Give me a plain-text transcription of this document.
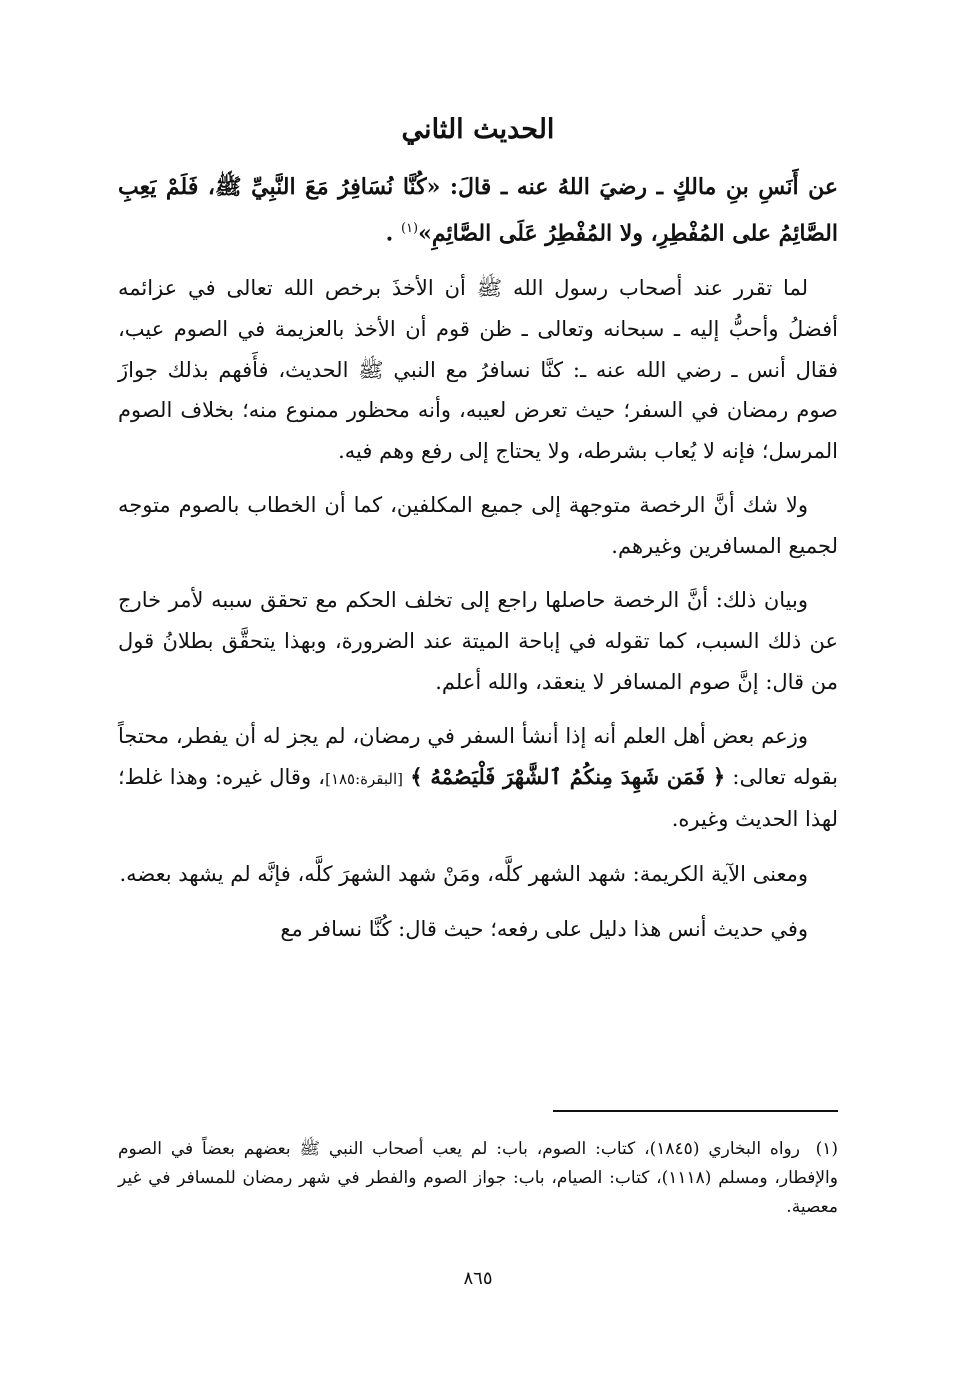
الحديث الثاني

عن أَنَسِ بنِ مالكٍ ـ رضيَ اللهُ عنه ـ قالَ: «كُنَّا نُسَافِرُ مَعَ النَّبِيِّ ﷺ، فَلَمْ يَعِبِ الصَّائِمُ على المُفْطِرِ، ولا المُفْطِرُ عَلَى الصَّائِمِ»$^{(١)}$ .

لما تقرر عند أصحاب رسول الله ﷺ أن الأخذَ برخص الله تعالى في عزائمه أفضلُ وأحبُّ إليه ـ سبحانه وتعالى ـ ظن قوم أن الأخذ بالعزيمة في الصوم عيب، فقال أنس ـ رضي الله عنه ـ: كنَّا نسافرُ مع النبي ﷺ الحديث، فأَفهم بذلك جوازَ صوم رمضان في السفر؛ حيث تعرض لعيبه، وأنه محظور ممنوع منه؛ بخلاف الصوم المرسل؛ فإنه لا يُعاب بشرطه، ولا يحتاج إلى رفع وهم فيه.

ولا شك أنَّ الرخصة متوجهة إلى جميع المكلفين، كما أن الخطاب بالصوم متوجه لجميع المسافرين وغيرهم.

وبيان ذلك: أنَّ الرخصة حاصلها راجع إلى تخلف الحكم مع تحقق سببه لأمر خارج عن ذلك السبب، كما تقوله في إباحة الميتة عند الضرورة، وبهذا يتحقَّق بطلانُ قول من قال: إنَّ صوم المسافر لا ينعقد، والله أعلم.

وزعم بعض أهل العلم أنه إذا أنشأ السفر في رمضان، لم يجز له أن يفطر، محتجاً بقوله تعالى: ﴿ فَمَن شَهِدَ مِنكُمُ ٱلشَّهْرَ فَلْيَصُمْهُ ﴾ [البقرة:١٨٥]، وقال غيره: وهذا غلط؛ لهذا الحديث وغيره.

ومعنى الآية الكريمة: شهد الشهر كلَّه، ومَنْ شهد الشهرَ كلَّه، فإنَّه لم يشهد بعضه.

وفي حديث أنس هذا دليل على رفعه؛ حيث قال: كُنَّا نسافر مع

(١)رواه البخاري (١٨٤٥)، كتاب: الصوم، باب: لم يعب أصحاب النبي ﷺ بعضهم بعضاً في الصوم والإفطار، ومسلم (١١١٨)، كتاب: الصيام، باب: جواز الصوم والفطر في شهر رمضان للمسافر في غير معصية.
٨٦٥
